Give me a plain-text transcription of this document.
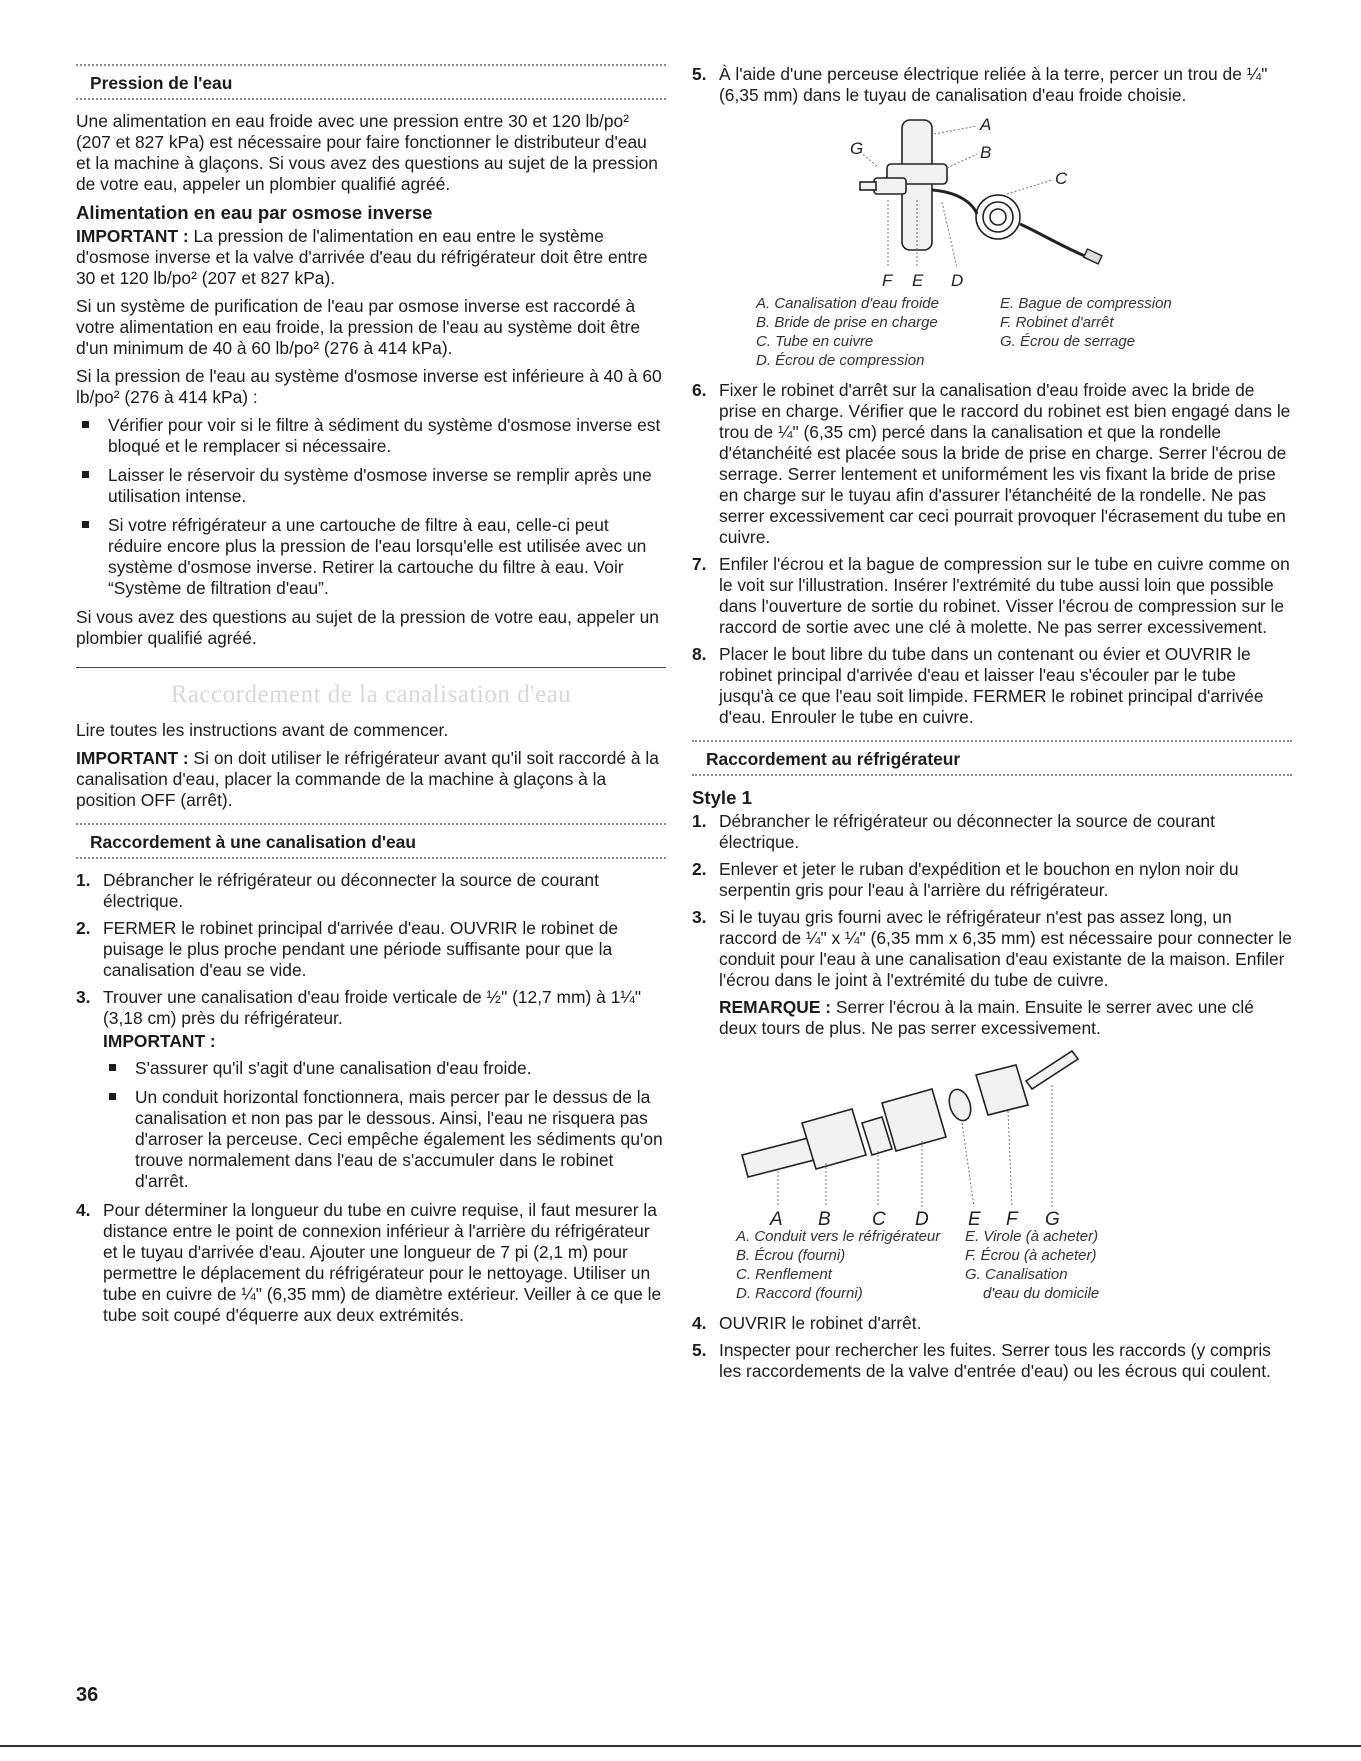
Pression de l'eau

Une alimentation en eau froide avec une pression entre 30 et 120 lb/po² (207 et 827 kPa) est nécessaire pour faire fonctionner le distributeur d'eau et la machine à glaçons. Si vous avez des questions au sujet de la pression de votre eau, appeler un plombier qualifié agréé.

Alimentation en eau par osmose inverse

IMPORTANT : La pression de l'alimentation en eau entre le système d'osmose inverse et la valve d'arrivée d'eau du réfrigérateur doit être entre 30 et 120 lb/po² (207 et 827 kPa).

Si un système de purification de l'eau par osmose inverse est raccordé à votre alimentation en eau froide, la pression de l'eau au système doit être d'un minimum de 40 à 60 lb/po² (276 à 414 kPa).

Si la pression de l'eau au système d'osmose inverse est inférieure à 40 à 60 lb/po² (276 à 414 kPa) :

Vérifier pour voir si le filtre à sédiment du système d'osmose inverse est bloqué et le remplacer si nécessaire.
Laisser le réservoir du système d'osmose inverse se remplir après une utilisation intense.
Si votre réfrigérateur a une cartouche de filtre à eau, celle-ci peut réduire encore plus la pression de l'eau lorsqu'elle est utilisée avec un système d'osmose inverse. Retirer la cartouche du filtre à eau. Voir “Système de filtration d'eau”.

Si vous avez des questions au sujet de la pression de votre eau, appeler un plombier qualifié agréé.

Raccordement de la canalisation d'eau

Lire toutes les instructions avant de commencer.

IMPORTANT : Si on doit utiliser le réfrigérateur avant qu'il soit raccordé à la canalisation d'eau, placer la commande de la machine à glaçons à la position OFF (arrêt).

Raccordement à une canalisation d'eau
1. Débrancher le réfrigérateur ou déconnecter la source de courant électrique.
2. FERMER le robinet principal d'arrivée d'eau. OUVRIR le robinet de puisage le plus proche pendant une période suffisante pour que la canalisation d'eau se vide.
3. Trouver une canalisation d'eau froide verticale de ½" (12,7 mm) à 1¼" (3,18 cm) près du réfrigérateur.
IMPORTANT :
S'assurer qu'il s'agit d'une canalisation d'eau froide.
Un conduit horizontal fonctionnera, mais percer par le dessus de la canalisation et non pas par le dessous. Ainsi, l'eau ne risquera pas d'arroser la perceuse. Ceci empêche également les sédiments qu'on trouve normalement dans l'eau de s'accumuler dans le robinet d'arrêt.
4. Pour déterminer la longueur du tube en cuivre requise, il faut mesurer la distance entre le point de connexion inférieur à l'arrière du réfrigérateur et le tuyau d'arrivée d'eau. Ajouter une longueur de 7 pi (2,1 m) pour permettre le déplacement du réfrigérateur pour le nettoyage. Utiliser un tube en cuivre de ¼" (6,35 mm) de diamètre extérieur. Veiller à ce que le tube soit coupé d'équerre aux deux extrémités.
5. À l'aide d'une perceuse électrique reliée à la terre, percer un trou de ¼" (6,35 mm) dans le tuyau de canalisation d'eau froide choisie.
A
B
C
G
F E D
A. Canalisation d'eau froide	E. Bague de compression
B. Bride de prise en charge	F. Robinet d'arrêt
C. Tube en cuivre	G. Écrou de serrage
D. Écrou de compression
6. Fixer le robinet d'arrêt sur la canalisation d'eau froide avec la bride de prise en charge. Vérifier que le raccord du robinet est bien engagé dans le trou de ¼" (6,35 cm) percé dans la canalisation et que la rondelle d'étanchéité est placée sous la bride de prise en charge. Serrer l'écrou de serrage. Serrer lentement et uniformément les vis fixant la bride de prise en charge sur le tuyau afin d'assurer l'étanchéité de la rondelle. Ne pas serrer excessivement car ceci pourrait provoquer l'écrasement du tube en cuivre.
7. Enfiler l'écrou et la bague de compression sur le tube en cuivre comme on le voit sur l'illustration. Insérer l'extrémité du tube aussi loin que possible dans l'ouverture de sortie du robinet. Visser l'écrou de compression sur le raccord de sortie avec une clé à molette. Ne pas serrer excessivement.
8. Placer le bout libre du tube dans un contenant ou évier et OUVRIR le robinet principal d'arrivée d'eau et laisser l'eau s'écouler par le tube jusqu'à ce que l'eau soit limpide. FERMER le robinet principal d'arrivée d'eau. Enrouler le tube en cuivre.
Raccordement au réfrigérateur
Style 1
1. Débrancher le réfrigérateur ou déconnecter la source de courant électrique.
2. Enlever et jeter le ruban d'expédition et le bouchon en nylon noir du serpentin gris pour l'eau à l'arrière du réfrigérateur.
3. Si le tuyau gris fourni avec le réfrigérateur n'est pas assez long, un raccord de ¼" x ¼" (6,35 mm x 6,35 mm) est nécessaire pour connecter le conduit pour l'eau à une canalisation d'eau existante de la maison. Enfiler l'écrou dans le joint à l'extrémité du tube de cuivre.
REMARQUE : Serrer l'écrou à la main. Ensuite le serrer avec une clé deux tours de plus. Ne pas serrer excessivement.
A B C D E F G
A. Conduit vers le réfrigérateur	E. Virole (à acheter)
B. Écrou (fourni)	F. Écrou (à acheter)
C. Renflement	G. Canalisation
D. Raccord (fourni)	d'eau du domicile
4. OUVRIR le robinet d'arrêt.
5. Inspecter pour rechercher les fuites. Serrer tous les raccords (y compris les raccordements de la valve d'entrée d'eau) ou les écrous qui coulent.
36
